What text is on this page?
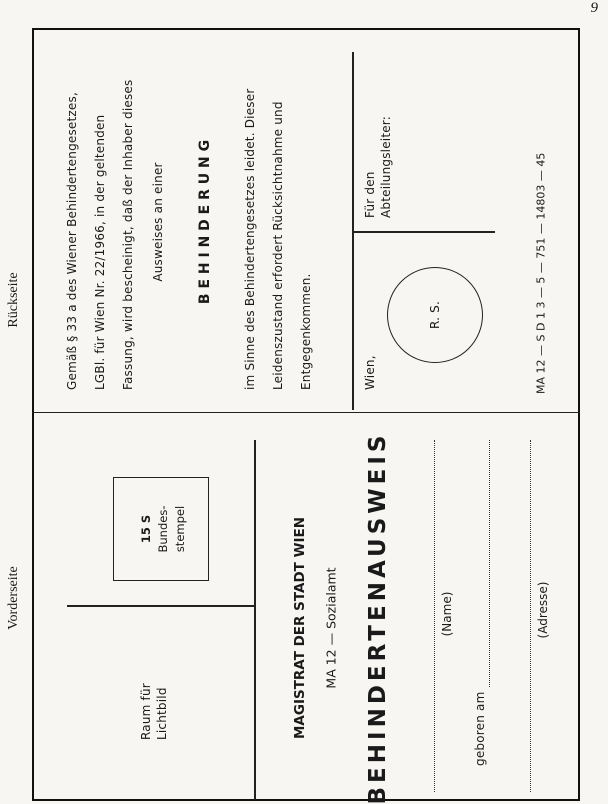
9
Rückseite
Vorderseite
Gemäß § 33 a des Wiener Behindertengesetzes, LGBl. für Wien Nr. 22/1966, in der geltenden Fassung, wird bescheinigt, daß der Inhaber dieses Ausweises an einer B E H I N D E R U N G	im Sinne des Behindertengesetzes leidet. Dieser Leidenszustand erfordert Rücksichtnahme und Entgegenkommen.	Wien,
R. S.
Für den Abteilungsleiter:	MA 12 — S D 1 3 — 5 — 751 — 14803 — 45
Raum für Lichtbild
15 S Bundes- stempel	MAGISTRAT DER STADT WIEN MA 12 — Sozialamt BEHINDERTENAUSWEIS	(Name)
geboren am
(Adresse)
